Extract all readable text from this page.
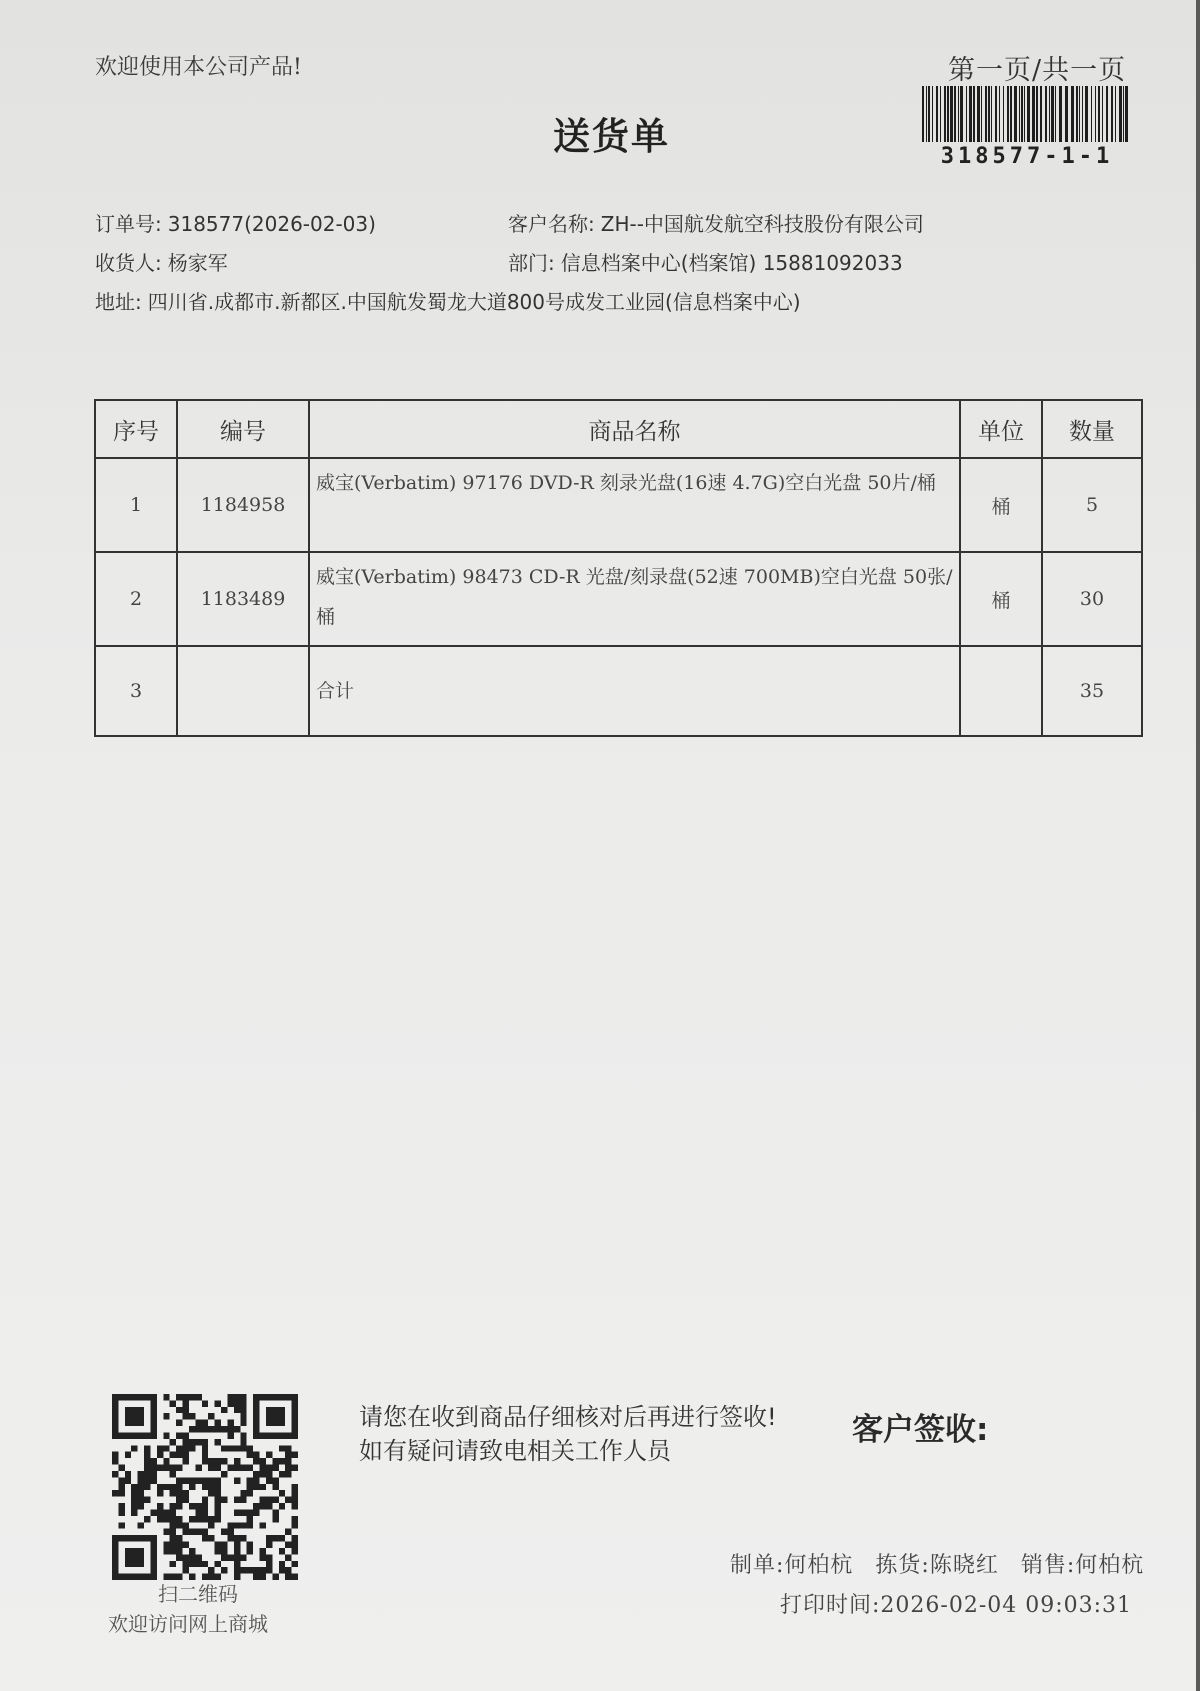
欢迎使用本公司产品!	第一页/共一页
318577-1-1
送货单
订单号: 318577(2026-02-03)	客户名称: ZH--中国航发航空科技股份有限公司
收货人: 杨家军	部门: 信息档案中心(档案馆) 15881092033
地址: 四川省.成都市.新都区.中国航发蜀龙大道800号成发工业园(信息档案中心)
序号	编号	商品名称	单位	数量
1	1184958	威宝(Verbatim) 97176 DVD-R 刻录光盘(16速 4.7G)空白光盘 50片/桶	桶	5
2	1183489	威宝(Verbatim) 98473 CD-R 光盘/刻录盘(52速 700MB)空白光盘 50张/桶	桶	30
3		合计		35
扫二维码
欢迎访问网上商城
请您在收到商品仔细核对后再进行签收!如有疑问请致电相关工作人员
客户签收:
制单:何柏杭 拣货:陈晓红 销售:何柏杭
打印时间:2026-02-04 09:03:31
